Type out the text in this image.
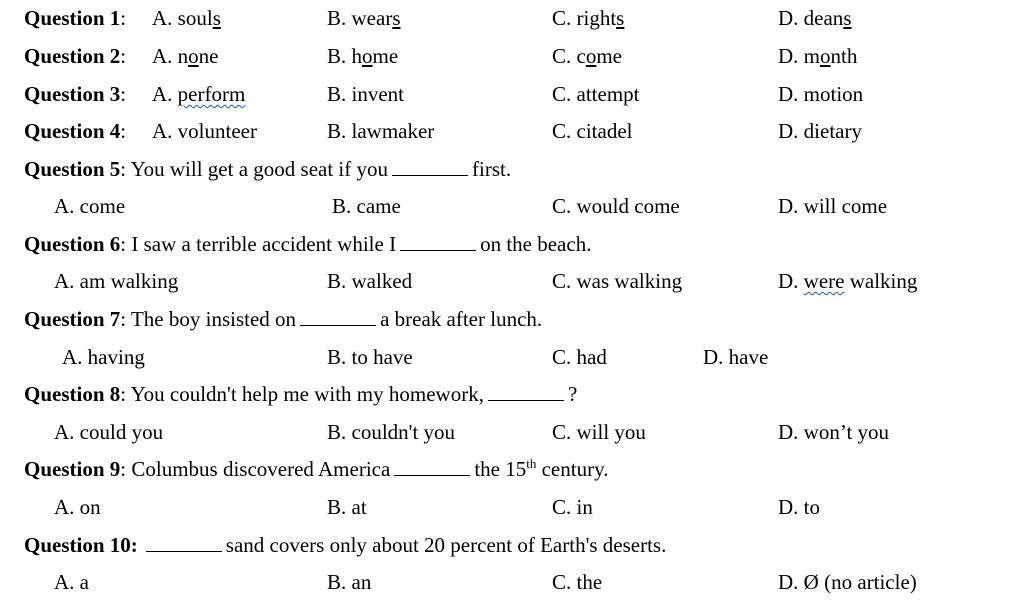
Question 1: A. souls	B. wears	C. rights	D. deans
Question 2: A. none	B. home	C. come	D. month
Question 3: A. perform	B. invent	C. attempt	D. motion
Question 4: A. volunteer	B. lawmaker	C. citadel	D. dietary
Question 5: You will get a good seat if you	first.
A. come	B. came	C. would come	D. will come
Question 6: I saw a terrible accident while I	on the beach.
A. am walking	B. walked	C. was walking	D. were walking
Question 7: The boy insisted on	a break after lunch.
A. having	B. to have	C. had	D. have
Question 8: You couldn't help me with my homework,	?
A. could you	B. couldn't you	C. will you	D. won’t you
Question 9: Columbus discovered America	the 15th century.
A. on	B. at	C. in	D. to
Question 10:	sand covers only about 20 percent of Earth's deserts.
A. a	B. an	C. the	D. Ø (no article)
